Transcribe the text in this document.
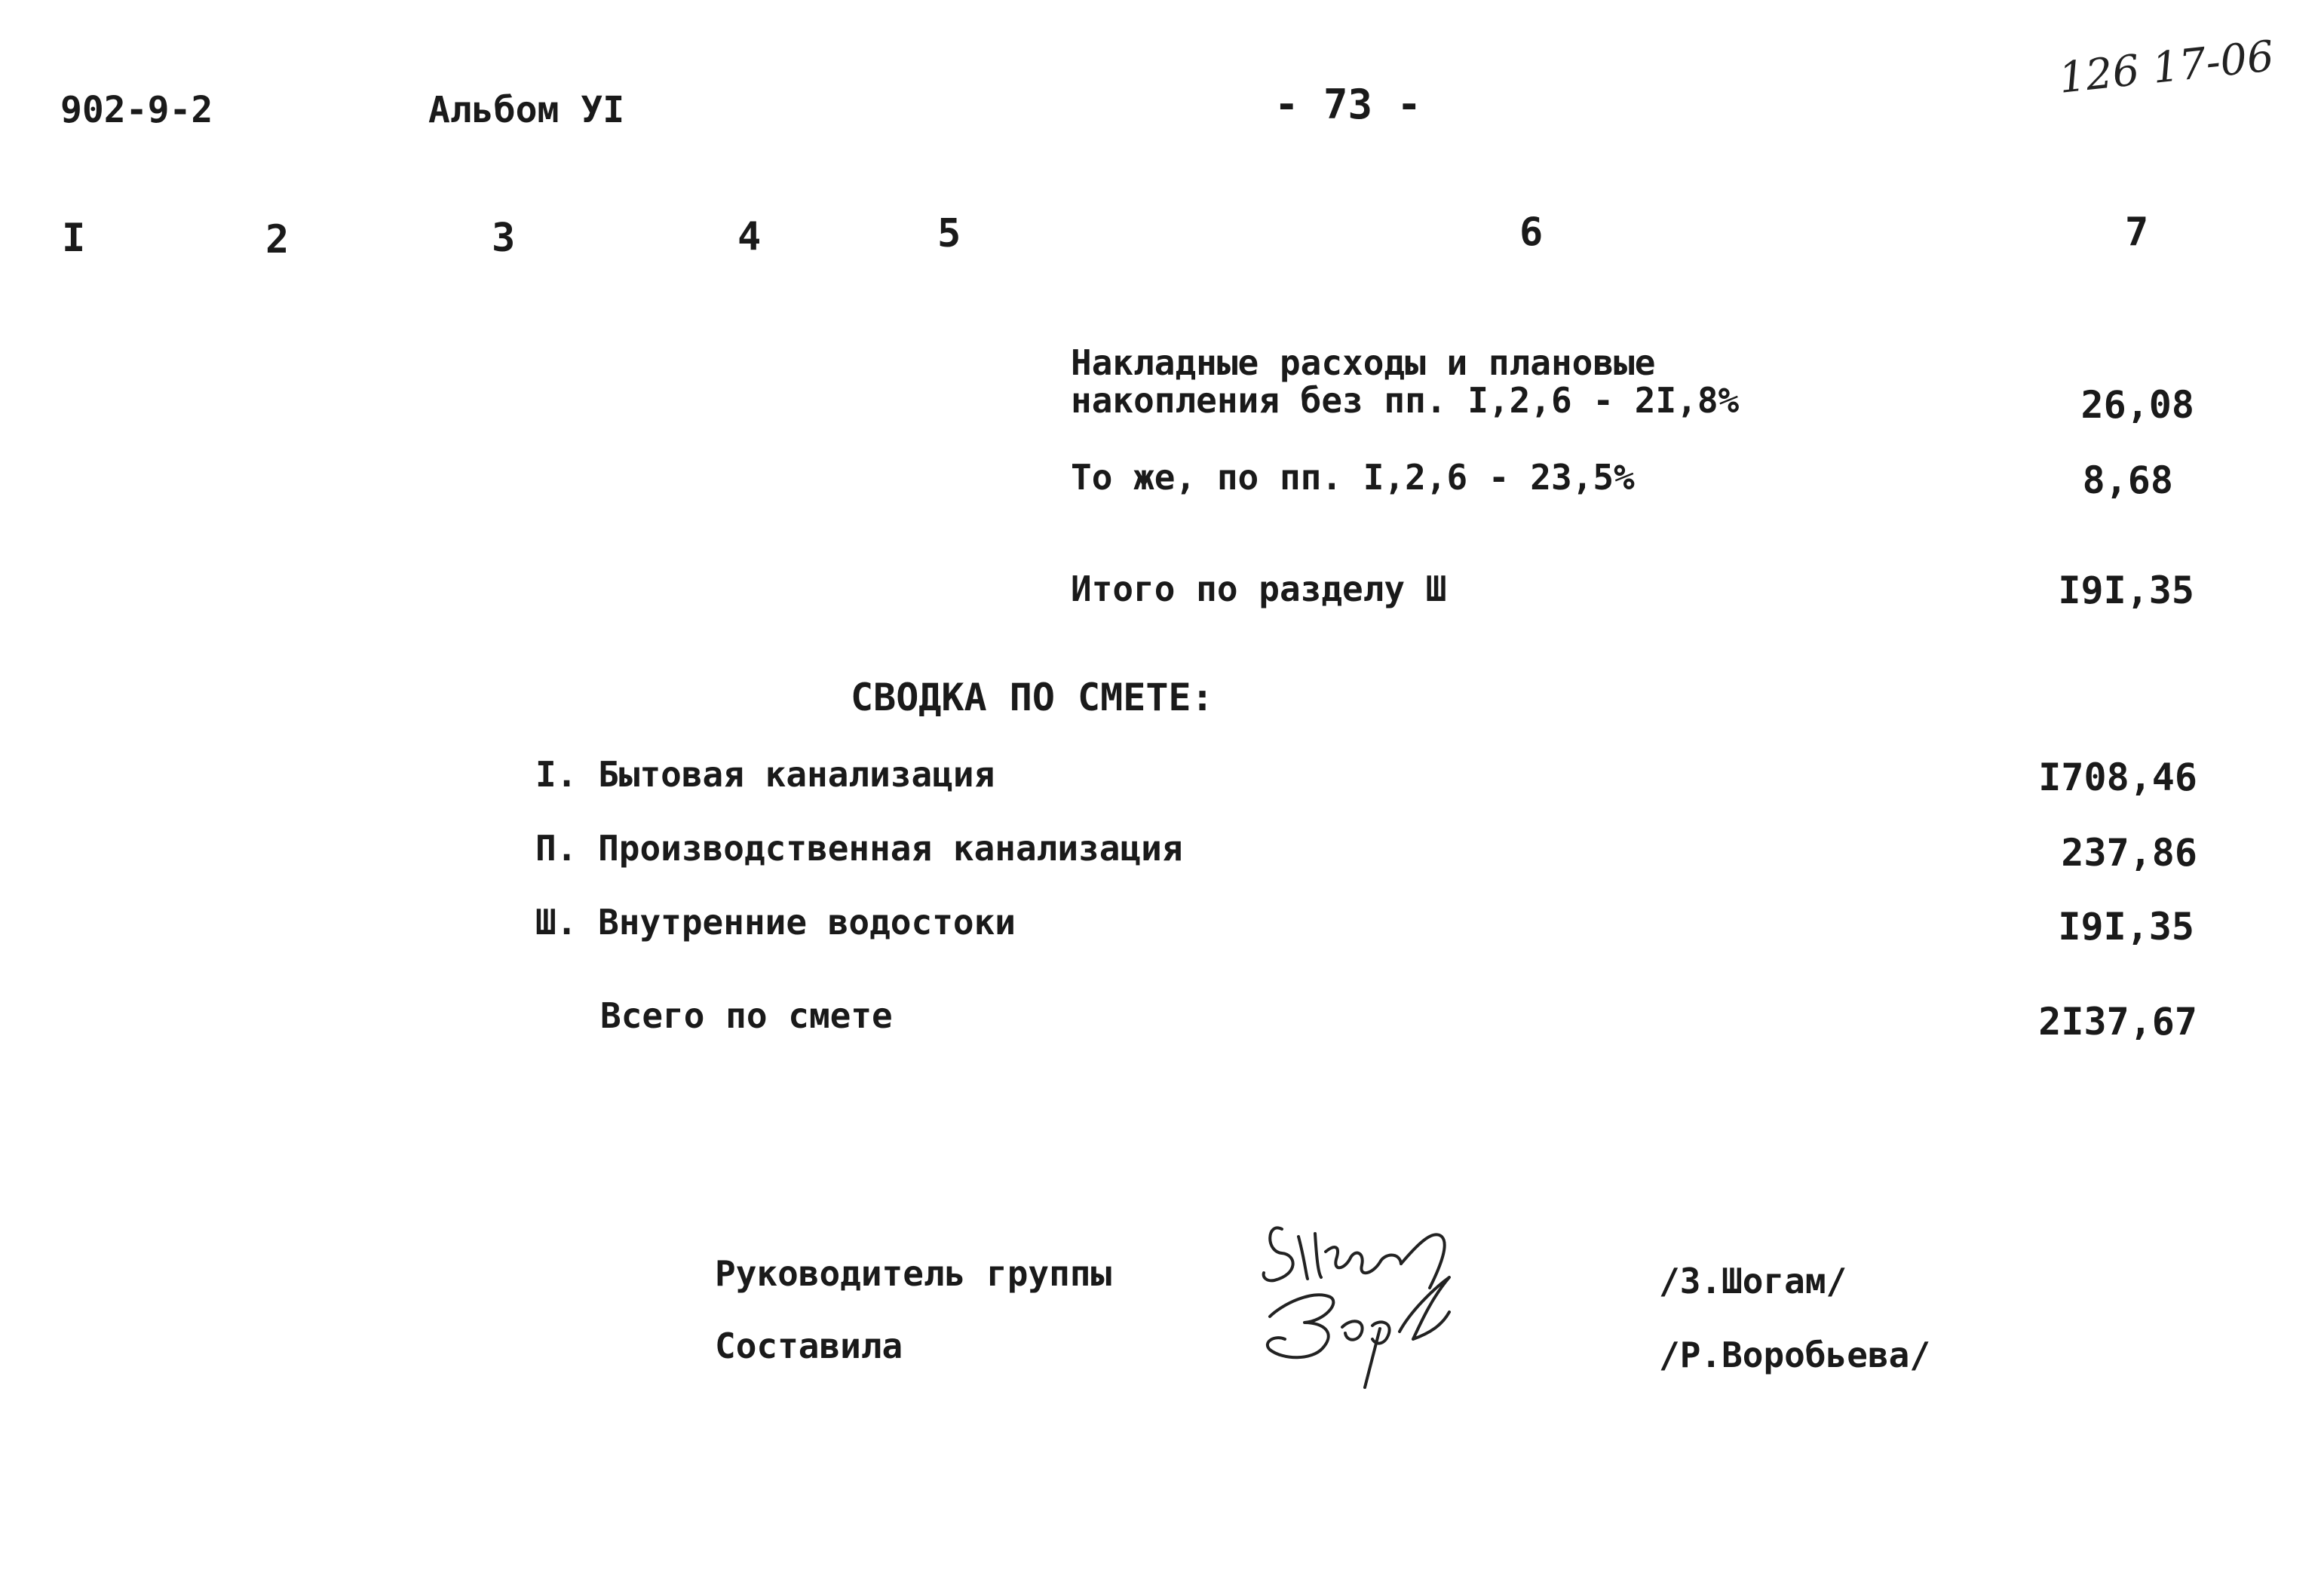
902-9-2	Альбом УI	- 73 -
126 17-06
I	2	3	4	5	6	7
Накладные расходы и плановые
накопления без пп. I,2,6 - 2I,8%	26,08
То же, по пп. I,2,6 - 23,5%	8,68
Итого по разделу Ш	I9I,35
СВОДКА ПО СМЕТЕ:
I. Бытовая канализация	I708,46
П. Производственная канализация	237,86
Ш. Внутренние водостоки	I9I,35
Всего по смете	2I37,67
Руководитель группы
Составила
/З.Шогам/
/Р.Воробьева/
